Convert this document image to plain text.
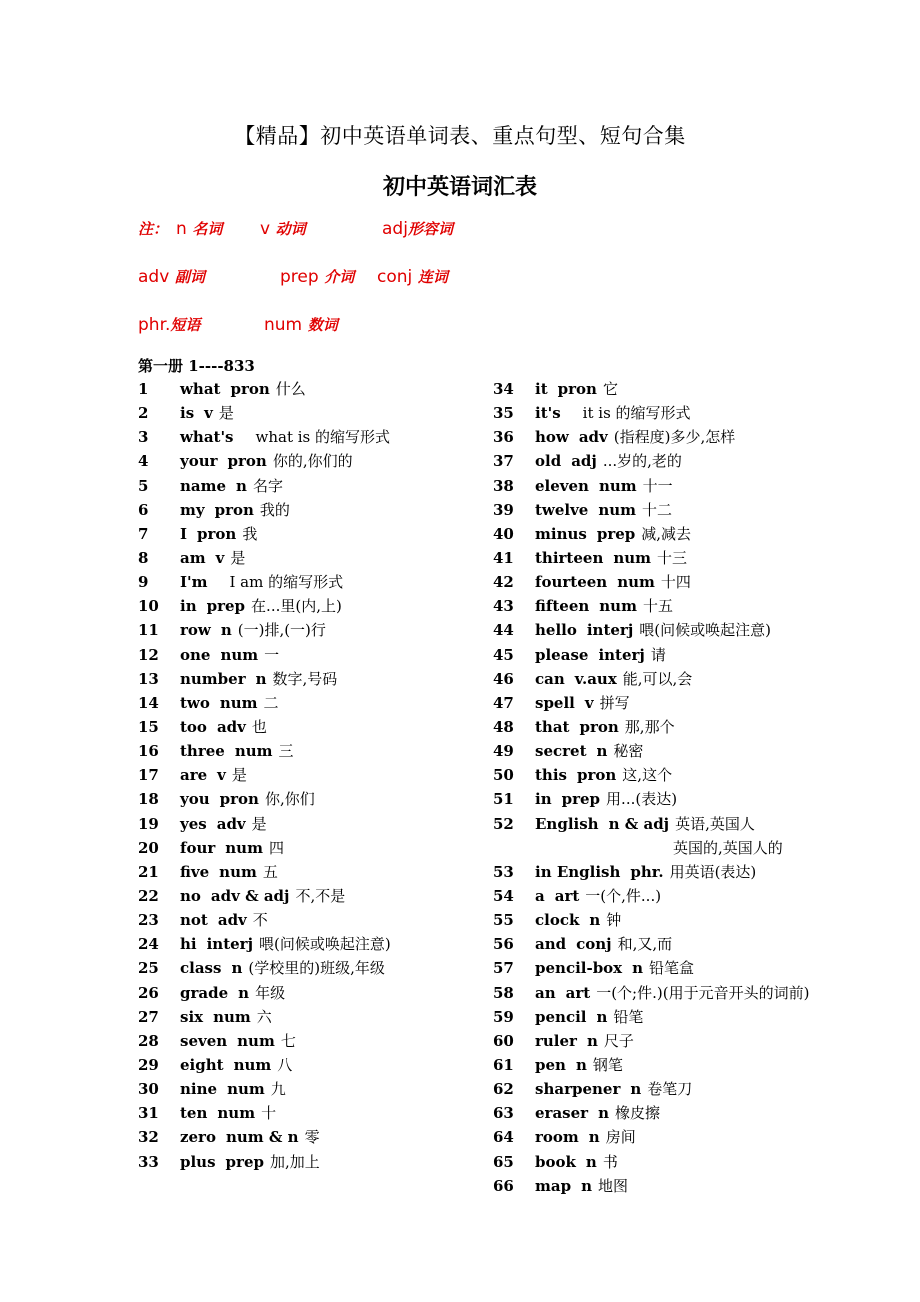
【精品】初中英语单词表、重点句型、短句合集
初中英语词汇表
注： n 名词 v 动词	adj形容词
adv 副词	prep 介词 conj 连词
phr.短语	num 数词
第一册 1----833
1 what pron 什么
2 is v 是
3 what's what is 的缩写形式
4 your pron 你的,你们的
5 name n 名字
6 my pron 我的
7 I pron 我
8 am v 是
9 I'm I am 的缩写形式
10 in prep 在...里(内,上)
11 row n (一)排,(一)行
12 one num 一
13 number n 数字,号码
14 two num 二
15 too adv 也
16 three num 三
17 are v 是
18 you pron 你,你们
19 yes adv 是
20 four num 四
21 five num 五
22 no adv & adj 不,不是
23 not adv 不
24 hi interj 喂(问候或唤起注意)
25 class n (学校里的)班级,年级
26 grade n 年级
27 six num 六
28 seven num 七
29 eight num 八
30 nine num 九
31 ten num 十
32 zero num & n 零
33 plus prep 加,加上
34 it pron 它
35 it's it is 的缩写形式
36 how adv (指程度)多少,怎样
37 old adj ...岁的,老的
38 eleven num 十一
39 twelve num 十二
40 minus prep 减,减去
41 thirteen num 十三
42 fourteen num 十四
43 fifteen num 十五
44 hello interj 喂(问候或唤起注意)
45 please interj 请
46 can v.aux 能,可以,会
47 spell v 拼写
48 that pron 那,那个
49 secret n 秘密
50 this pron 这,这个
51 in prep 用...(表达)
52 English n & adj 英语,英国人
英国的,英国人的
53 in English phr. 用英语(表达)
54 a art 一(个,件...)
55 clock n 钟
56 and conj 和,又,而
57 pencil-box n 铅笔盒
58 an art 一(个;件.)(用于元音开头的词前)
59 pencil n 铅笔
60 ruler n 尺子
61 pen n 钢笔
62 sharpener n 卷笔刀
63 eraser n 橡皮擦
64 room n 房间
65 book n 书
66 map n 地图
